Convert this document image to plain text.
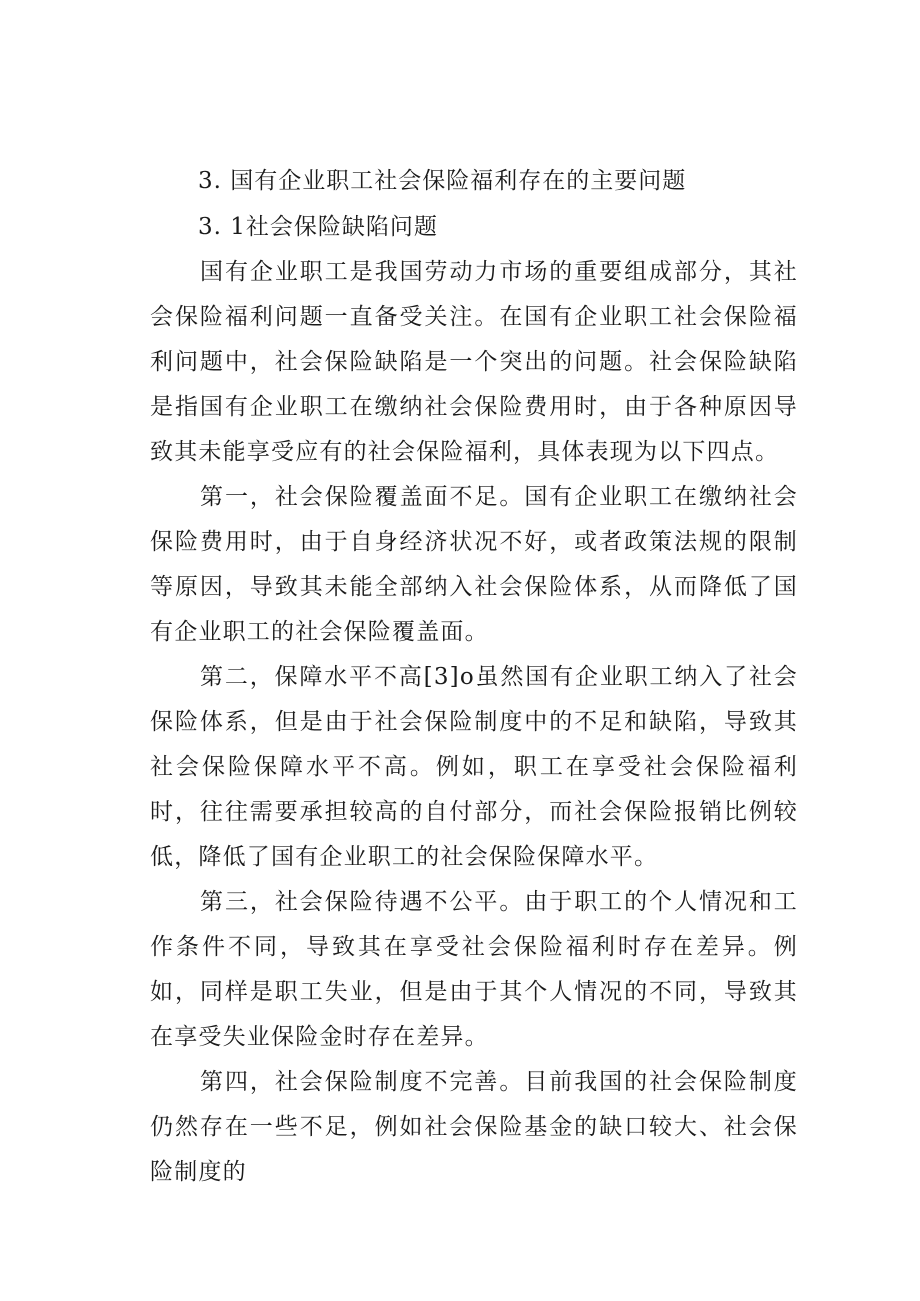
3. 国有企业职工社会保险福利存在的主要问题
3. 1社会保险缺陷问题

国有企业职工是我国劳动力市场的重要组成部分，其社会保险福利问题一直备受关注。在国有企业职工社会保险福利问题中，社会保险缺陷是一个突出的问题。社会保险缺陷是指国有企业职工在缴纳社会保险费用时，由于各种原因导致其未能享受应有的社会保险福利，具体表现为以下四点。

第一，社会保险覆盖面不足。国有企业职工在缴纳社会保险费用时，由于自身经济状况不好，或者政策法规的限制等原因，导致其未能全部纳入社会保险体系，从而降低了国有企业职工的社会保险覆盖面。

第二，保障水平不高[3]o虽然国有企业职工纳入了社会保险体系，但是由于社会保险制度中的不足和缺陷，导致其社会保险保障水平不高。例如，职工在享受社会保险福利时，往往需要承担较高的自付部分，而社会保险报销比例较低，降低了国有企业职工的社会保险保障水平。

第三，社会保险待遇不公平。由于职工的个人情况和工作条件不同，导致其在享受社会保险福利时存在差异。例如，同样是职工失业，但是由于其个人情况的不同，导致其在享受失业保险金时存在差异。

第四，社会保险制度不完善。目前我国的社会保险制度仍然存在一些不足，例如社会保险基金的缺口较大、社会保险制度的
